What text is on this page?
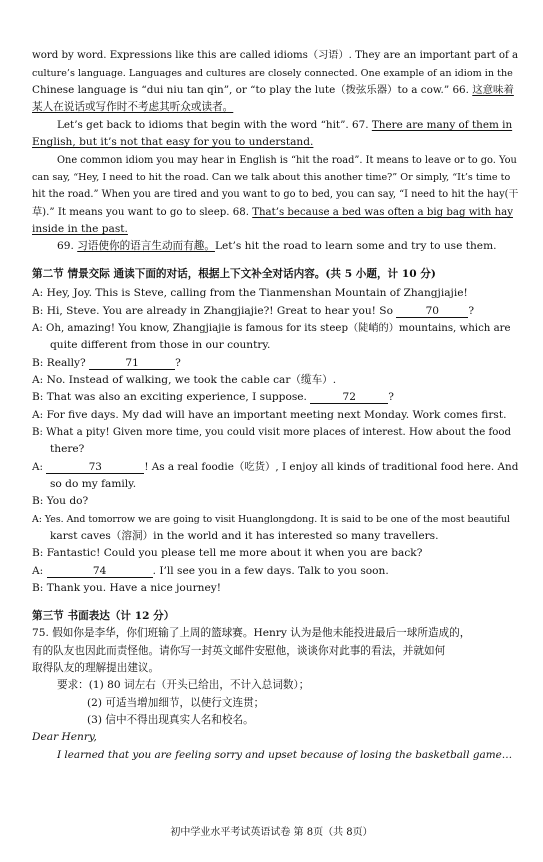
word by word. Expressions like this are called idioms（习语）. They are an important part of a
culture’s language. Languages and cultures are closely connected. One example of an idiom in the
Chinese language is “dui niu tan qin”, or “to play the lute（拨弦乐器）to a cow.” 66. 这意味着
某人在说话或写作时不考虑其听众或读者。
Let’s get back to idioms that begin with the word “hit”. 67. There are many of them in
English, but it’s not that easy for you to understand.
One common idiom you may hear in English is “hit the road”. It means to leave or to go. You
can say, “Hey, I need to hit the road. Can we talk about this another time?” Or simply, “It’s time to
hit the road.” When you are tired and you want to go to bed, you can say, “I need to hit the hay(干
草).” It means you want to go to sleep. 68. That’s because a bed was often a big bag with hay
inside in the past.
69. 习语使你的语言生动而有趣。Let’s hit the road to learn some and try to use them.
第二节 情景交际 通读下面的对话，根据上下文补全对话内容。(共 5 小题，计 10 分)
A: Hey, Joy. This is Steve, calling from the Tianmenshan Mountain of Zhangjiajie!
B: Hi, Steve. You are already in Zhangjiajie?! Great to hear you! So	70	?
A: Oh, amazing! You know, Zhangjiajie is famous for its steep（陡峭的）mountains, which are
quite different from those in our country.
B: Really?	71	?
A: No. Instead of walking, we took the cable car（缆车）.
B: That was also an exciting experience, I suppose.	72	?
A: For five days. My dad will have an important meeting next Monday. Work comes first.
B: What a pity! Given more time, you could visit more places of interest. How about the food
there?
A:	73	! As a real foodie（吃货）, I enjoy all kinds of traditional food here. And
so do my family.
B: You do?
A: Yes. And tomorrow we are going to visit Huanglongdong. It is said to be one of the most beautiful
karst caves（溶洞）in the world and it has interested so many travellers.
B: Fantastic! Could you please tell me more about it when you are back?
A:	74	. I’ll see you in a few days. Talk to you soon.
B: Thank you. Have a nice journey!
第三节 书面表达（计 12 分）
75. 假如你是李华，你们班输了上周的篮球赛。Henry 认为是他未能投进最后一球所造成的，
有的队友也因此而责怪他。请你写一封英文邮件安慰他，谈谈你对此事的看法，并就如何
取得队友的理解提出建议。
要求：(1) 80 词左右（开头已给出，不计入总词数）；
(2) 可适当增加细节，以使行文连贯；
(3) 信中不得出现真实人名和校名。
Dear Henry,
I learned that you are feeling sorry and upset because of losing the basketball game…
初中学业水平考试英语试卷 第 8页（共 8页）
